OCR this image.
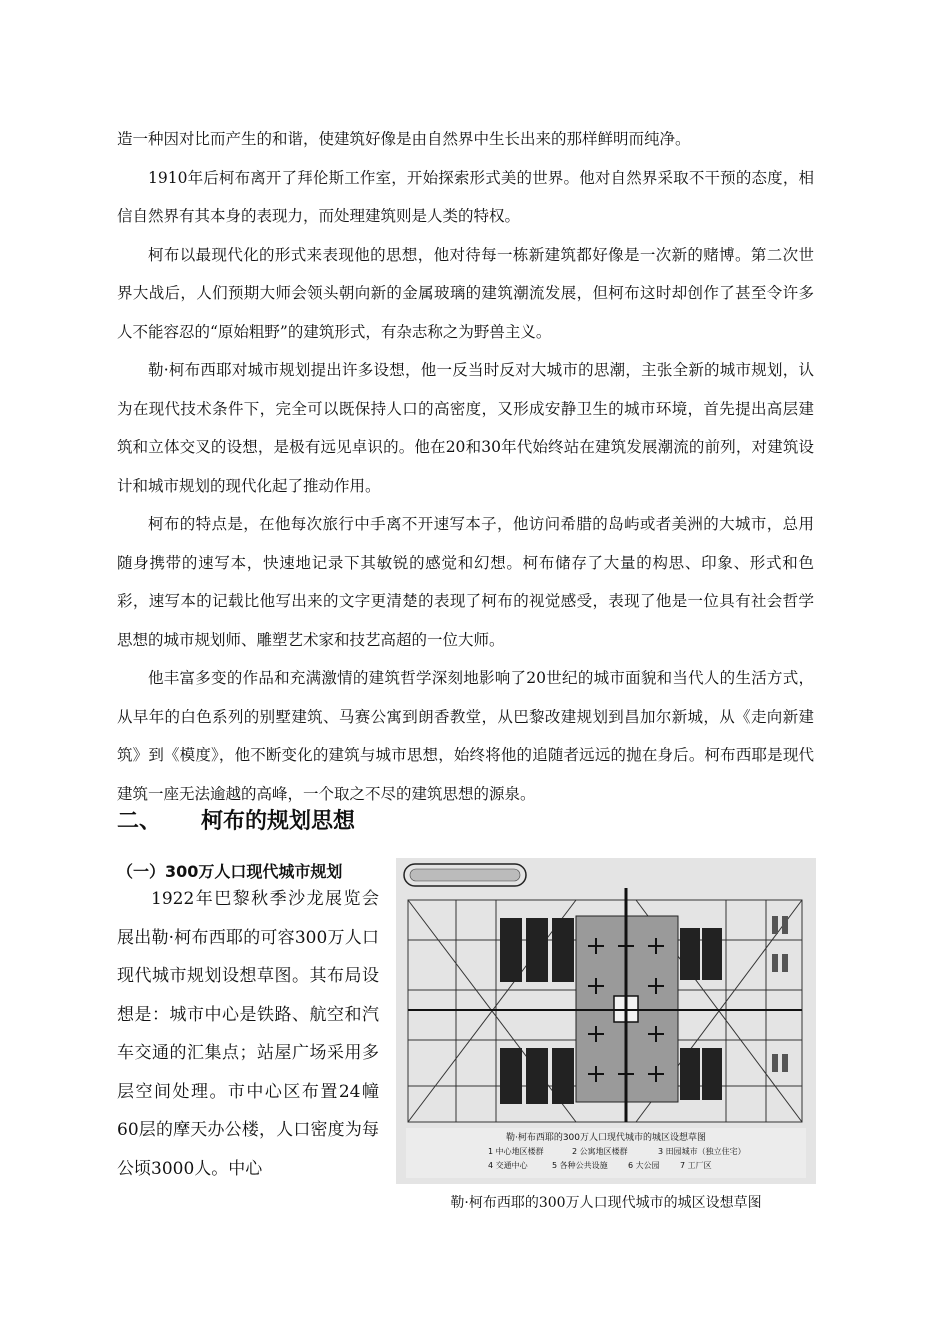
造一种因对比而产生的和谐，使建筑好像是由自然界中生长出来的那样鲜明而纯净。

1910年后柯布离开了拜伦斯工作室，开始探索形式美的世界。他对自然界采取不干预的态度，相信自然界有其本身的表现力，而处理建筑则是人类的特权。

柯布以最现代化的形式来表现他的思想，他对待每一栋新建筑都好像是一次新的赌博。第二次世界大战后，人们预期大师会领头朝向新的金属玻璃的建筑潮流发展，但柯布这时却创作了甚至令许多人不能容忍的“原始粗野”的建筑形式，有杂志称之为野兽主义。

勒·柯布西耶对城市规划提出许多设想，他一反当时反对大城市的思潮，主张全新的城市规划，认为在现代技术条件下，完全可以既保持人口的高密度，又形成安静卫生的城市环境，首先提出高层建筑和立体交叉的设想，是极有远见卓识的。他在20和30年代始终站在建筑发展潮流的前列，对建筑设计和城市规划的现代化起了推动作用。

柯布的特点是，在他每次旅行中手离不开速写本子，他访问希腊的岛屿或者美洲的大城市，总用随身携带的速写本，快速地记录下其敏锐的感觉和幻想。柯布储存了大量的构思、印象、形式和色彩，速写本的记载比他写出来的文字更清楚的表现了柯布的视觉感受，表现了他是一位具有社会哲学思想的城市规划师、雕塑艺术家和技艺高超的一位大师。

他丰富多变的作品和充满激情的建筑哲学深刻地影响了20世纪的城市面貌和当代人的生活方式，从早年的白色系列的别墅建筑、马赛公寓到朗香教堂，从巴黎改建规划到昌加尔新城，从《走向新建筑》到《模度》，他不断变化的建筑与城市思想，始终将他的追随者远远的抛在身后。柯布西耶是现代建筑一座无法逾越的高峰，一个取之不尽的建筑思想的源泉。

二、 柯布的规划思想
（一）300万人口现代城市规划

1922年巴黎秋季沙龙展览会展出勒·柯布西耶的可容300万人口现代城市规划设想草图。其布局设想是：城市中心是铁路、航空和汽车交通的汇集点；站屋广场采用多层空间处理。市中心区布置24幢60层的摩天办公楼，人口密度为每公顷3000人。中心

勒·柯布西耶的300万人口现代城市的城区设想草图
1 中心地区楼群	2 公寓地区楼群	3 田园城市（独立住宅）
4 交通中心	5 各种公共设施	6 大公园	7 工厂区
勒·柯布西耶的300万人口现代城市的城区设想草图
